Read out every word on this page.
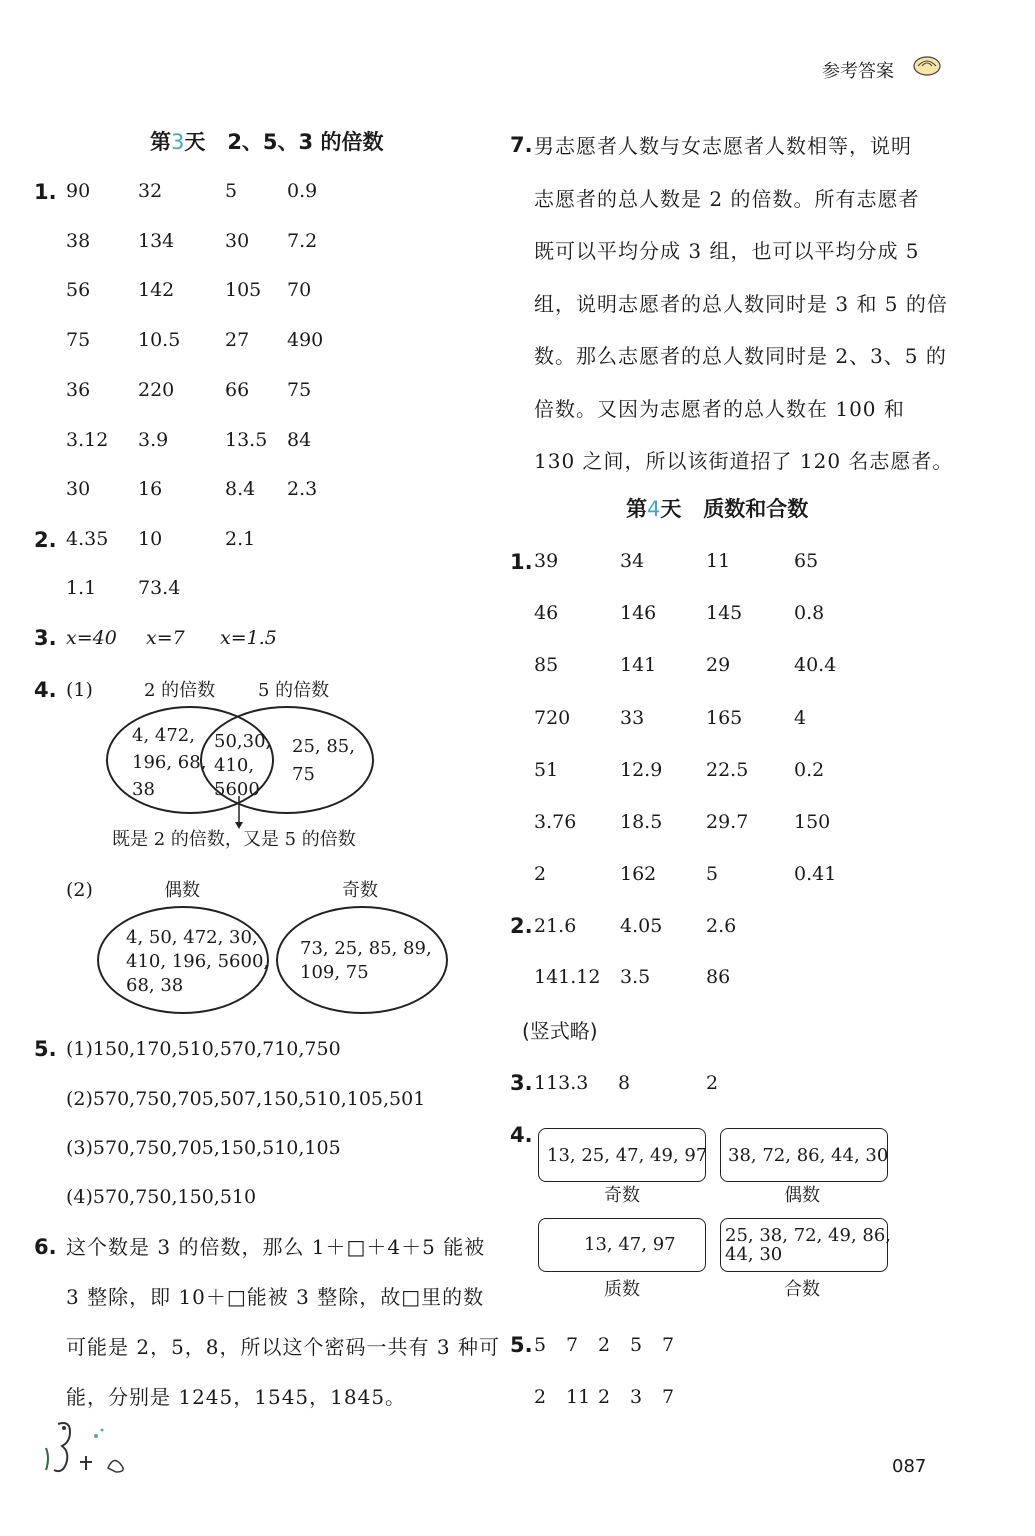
参考答案
第3天 2、5、3 的倍数
1. 90	32	5	0.9
38	134	30 7.2
56	142	105 70
75	10.5 27 490
36	220	66 75
3.12 3.9	13.5 84
30	16	8.4 2.3
2. 4.35 10	2.1
1.1 73.4
3. x=40 x=7 x=1.5
4. (1)	2 的倍数 5 的倍数
4, 472,
196, 68,
38
50,30,
410,
5600
25, 85,
75
既是 2 的倍数，又是 5 的倍数
(2)	偶数	奇数
4, 50, 472, 30,
410, 196, 5600,
68, 38
73, 25, 85, 89,
109, 75
5. (1)150,170,510,570,710,750
(2)570,750,705,507,150,510,105,501
(3)570,750,705,150,510,105
(4)570,750,150,510
6. 这个数是 3 的倍数，那么 1＋□＋4＋5 能被

3 整除，即 10＋□能被 3 整除，故□里的数

可能是 2，5，8，所以这个密码一共有 3 种可

能，分别是 1245，1545，1845。

7. 男志愿者人数与女志愿者人数相等，说明

志愿者的总人数是 2 的倍数。所有志愿者

既可以平均分成 3 组，也可以平均分成 5

组，说明志愿者的总人数同时是 3 和 5 的倍

数。那么志愿者的总人数同时是 2、3、5 的

倍数。又因为志愿者的总人数在 100 和

130 之间，所以该街道招了 120 名志愿者。

第4天 质数和合数
1. 39	34	11	65
46	146	145	0.8
85	141	29	40.4
720	33	165	4
51	12.9 22.5 0.2
3.76 18.5 29.7 150
2	162	5	0.41
2. 21.6 4.05 2.6
141.12 3.5	86
(竖式略)
3. 113.3 8	2
4.
13, 25, 47, 49, 97
奇数
38, 72, 86, 44, 30
偶数
13, 47, 97
质数
25, 38, 72, 49, 86,
44, 30
合数
5. 5 7 2 5 7
2 11 2 3 7
087
